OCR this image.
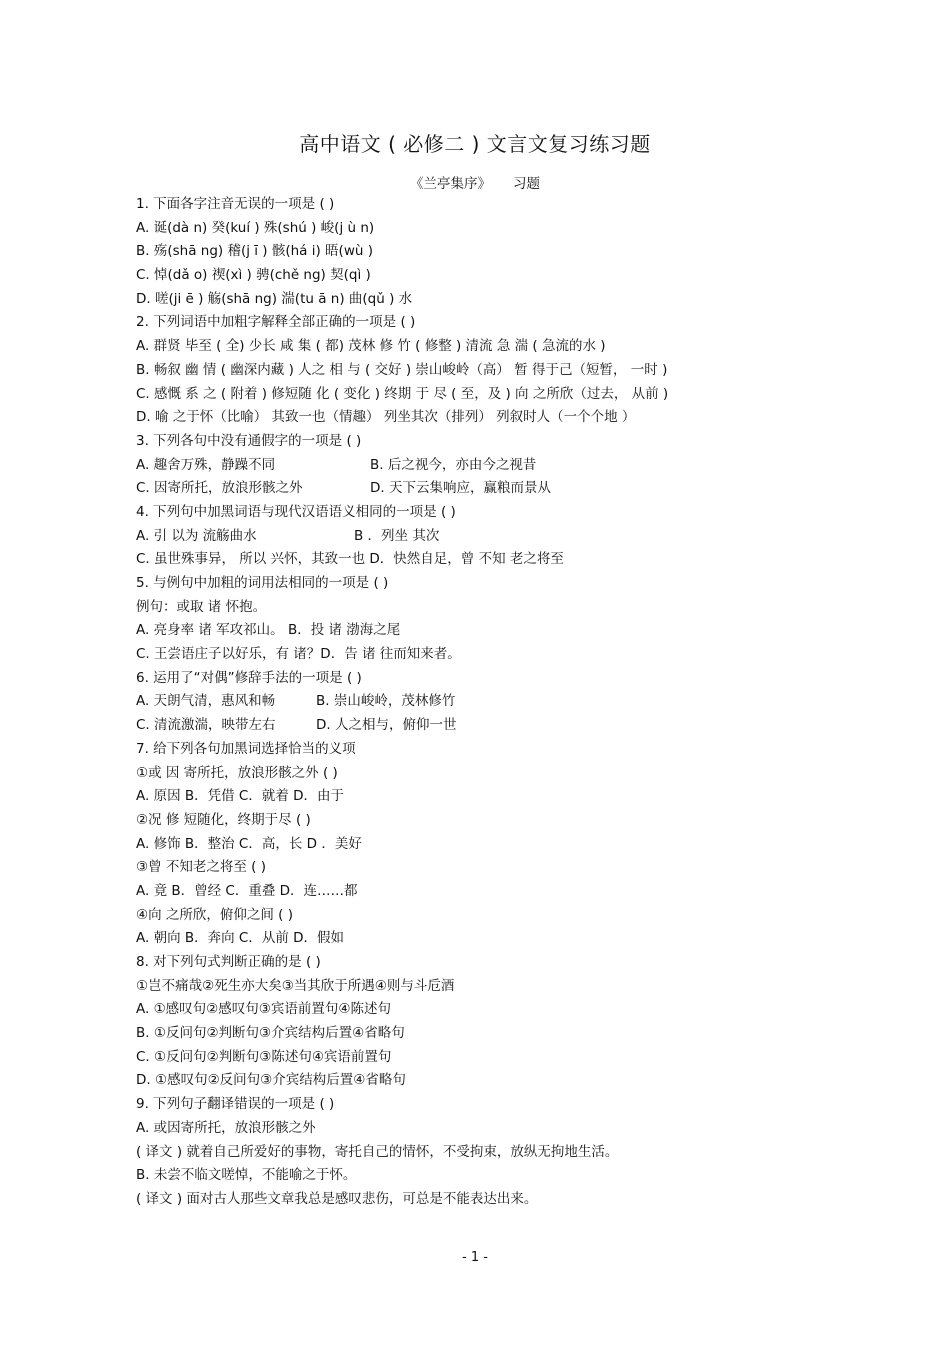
高中语文 ( 必修二 ) 文言文复习练习题
《兰亭集序》 习题
1. 下面各字注音无误的一项是 ( )
A. 诞(dà n) 癸(kuí ) 殊(shú ) 峻(j ù n)
B. 殇(shā ng) 稽(j ī ) 骸(há i) 晤(wù )
C. 悼(dǎ o) 禊(xì ) 骋(chě ng) 契(qì )
D. 嗟(ji ē ) 觞(shā ng) 湍(tu ā n) 曲(qǔ ) 水
2. 下列词语中加粗字解释全部正确的一项是 ( )
A. 群贤 毕至 ( 全) 少长 咸 集 ( 都) 茂林 修 竹 ( 修整 ) 清流 急 湍 ( 急流的水 )
B. 畅叙 幽 情 ( 幽深内藏 ) 人之 相 与 ( 交好 ) 崇山峻岭（高） 暂 得于己（短暂， 一时 )
C. 感慨 系 之 ( 附着 ) 修短随 化 ( 变化 ) 终期 于 尽 ( 至，及 ) 向 之所欣（过去， 从前 )
D. 喻 之于怀（比喻） 其致一也（情趣） 列坐其次（排列） 列叙时人（一个个地 ）
3. 下列各句中没有通假字的一项是 ( )
A. 趣舍万殊，静躁不同	B. 后之视今，亦由今之视昔
C. 因寄所托，放浪形骸之外	D. 天下云集响应，赢粮而景从
4. 下列句中加黑词语与现代汉语语义相同的一项是 ( )
A. 引 以为 流觞曲水	B ．列坐 其次
C. 虽世殊事异， 所以 兴怀，其致一也 D．快然自足，曾 不知 老之将至
5. 与例句中加粗的词用法相同的一项是 ( )
例句：或取 诸 怀抱。
A. 亮身率 诸 军攻祁山。 B．投 诸 渤海之尾
C. 王尝语庄子以好乐，有 诸？D．告 诸 往而知来者。
6. 运用了“对偶”修辞手法的一项是 ( )
A. 天朗气清，惠风和畅	B. 崇山峻岭，茂林修竹
C. 清流激湍，映带左右	D. 人之相与，俯仰一世
7. 给下列各句加黑词选择恰当的义项
①或 因 寄所托，放浪形骸之外 ( )
A. 原因 B．凭借 C．就着 D．由于
②况 修 短随化，终期于尽 ( )
A. 修饰 B．整治 C．高，长 D ．美好
③曾 不知老之将至 ( )
A. 竟 B．曾经 C．重叠 D．连……都
④向 之所欣，俯仰之间 ( )
A. 朝向 B．奔向 C．从前 D．假如
8. 对下列句式判断正确的是 ( )
①岂不痛哉②死生亦大矣③当其欣于所遇④则与斗卮酒
A. ①感叹句②感叹句③宾语前置句④陈述句
B. ①反问句②判断句③介宾结构后置④省略句
C. ①反问句②判断句③陈述句④宾语前置句
D. ①感叹句②反问句③介宾结构后置④省略句
9. 下列句子翻译错误的一项是 ( )
A. 或因寄所托，放浪形骸之外
( 译文 ) 就着自己所爱好的事物，寄托自己的情怀，不受拘束，放纵无拘地生活。
B. 未尝不临文嗟悼，不能喻之于怀。
( 译文 ) 面对古人那些文章我总是感叹悲伤，可总是不能表达出来。
- 1 -
